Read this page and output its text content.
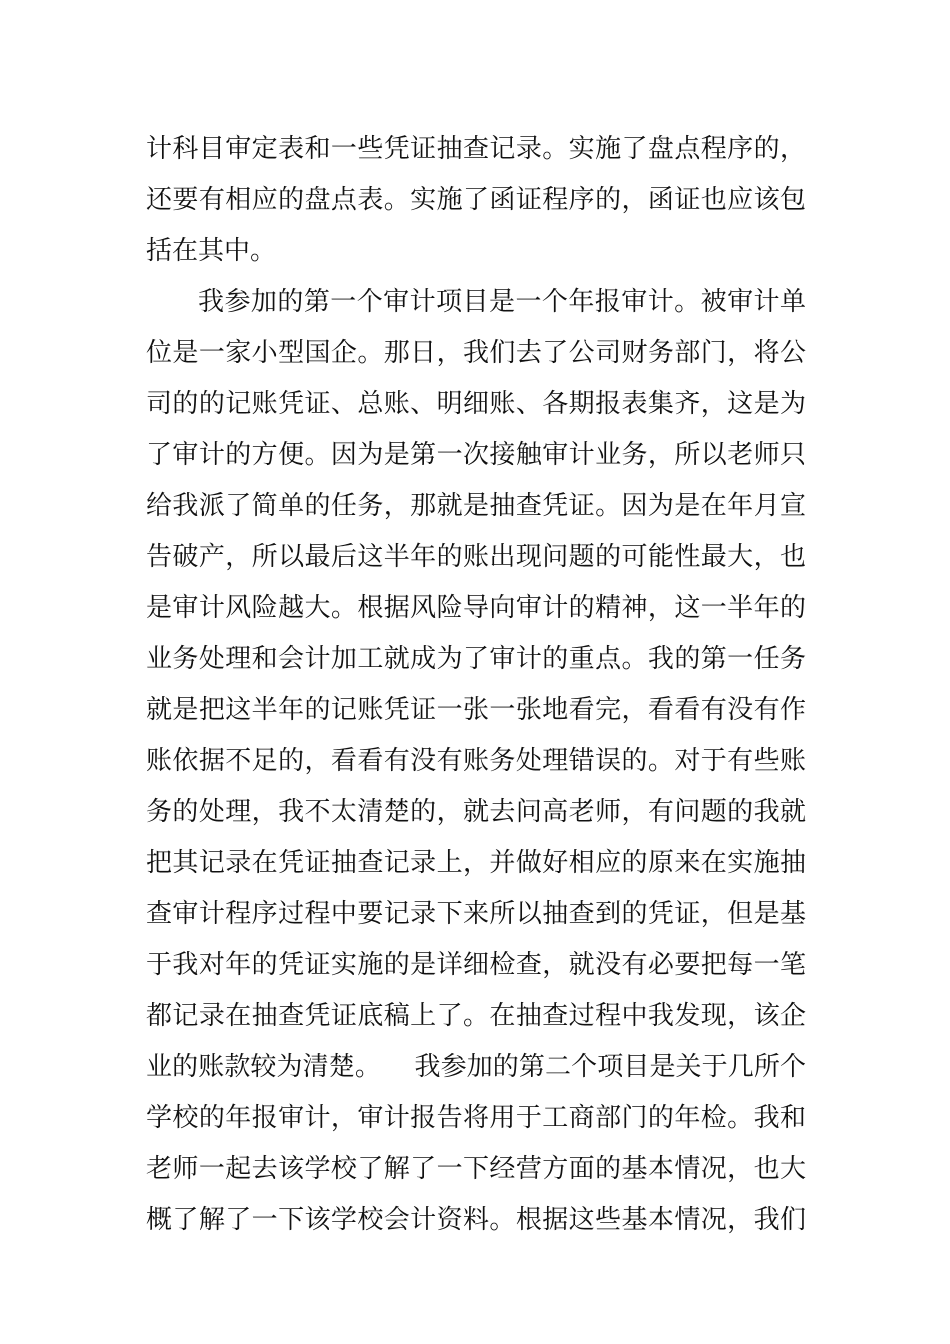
计科目审定表和一些凭证抽查记录。实施了盘点程序的，
还要有相应的盘点表。实施了函证程序的，函证也应该包
括在其中。
我参加的第一个审计项目是一个年报审计。被审计单
位是一家小型国企。那日，我们去了公司财务部门，将公
司的的记账凭证、总账、明细账、各期报表集齐，这是为
了审计的方便。因为是第一次接触审计业务，所以老师只
给我派了简单的任务，那就是抽查凭证。因为是在年月宣
告破产，所以最后这半年的账出现问题的可能性最大，也
是审计风险越大。根据风险导向审计的精神，这一半年的
业务处理和会计加工就成为了审计的重点。我的第一任务
就是把这半年的记账凭证一张一张地看完，看看有没有作
账依据不足的，看看有没有账务处理错误的。对于有些账
务的处理，我不太清楚的，就去问高老师，有问题的我就
把其记录在凭证抽查记录上，并做好相应的原来在实施抽
查审计程序过程中要记录下来所以抽查到的凭证，但是基
于我对年的凭证实施的是详细检查，就没有必要把每一笔
都记录在抽查凭证底稿上了。在抽查过程中我发现，该企
业的账款较为清楚。    我参加的第二个项目是关于几所个
学校的年报审计，审计报告将用于工商部门的年检。我和
老师一起去该学校了解了一下经营方面的基本情况，也大
概了解了一下该学校会计资料。根据这些基本情况，我们
